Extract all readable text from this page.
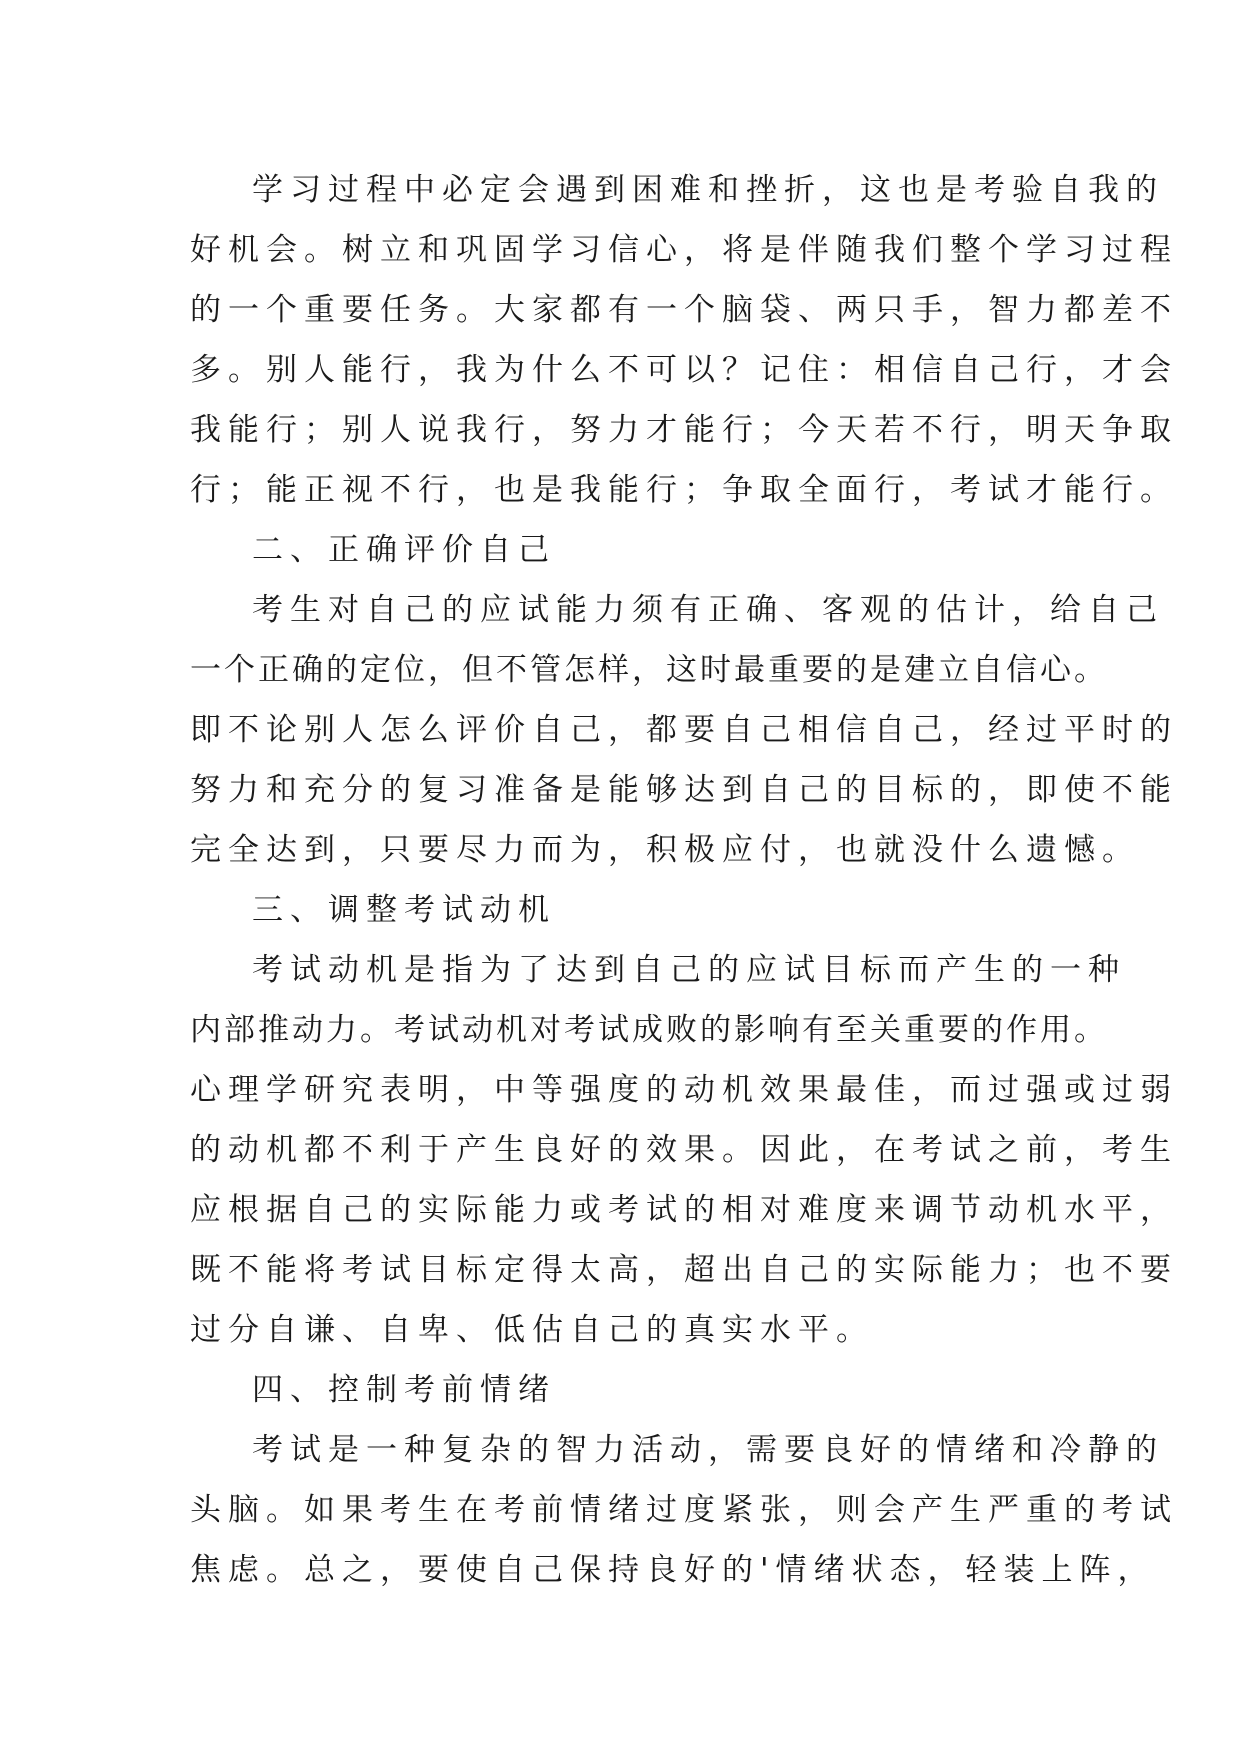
学习过程中必定会遇到困难和挫折，这也是考验自我的
好机会。树立和巩固学习信心，将是伴随我们整个学习过程
的一个重要任务。大家都有一个脑袋、两只手，智力都差不
多。别人能行，我为什么不可以？记住：相信自己行，才会
我能行；别人说我行，努力才能行；今天若不行，明天争取
行；能正视不行，也是我能行；争取全面行，考试才能行。
二、正确评价自己
考生对自己的应试能力须有正确、客观的估计，给自己
一个正确的定位，但不管怎样，这时最重要的是建立自信心。
即不论别人怎么评价自己，都要自己相信自己，经过平时的
努力和充分的复习准备是能够达到自己的目标的，即使不能
完全达到，只要尽力而为，积极应付，也就没什么遗憾。
三、调整考试动机
考试动机是指为了达到自己的应试目标而产生的一种
内部推动力。考试动机对考试成败的影响有至关重要的作用。
心理学研究表明，中等强度的动机效果最佳，而过强或过弱
的动机都不利于产生良好的效果。因此，在考试之前，考生
应根据自己的实际能力或考试的相对难度来调节动机水平，
既不能将考试目标定得太高，超出自己的实际能力；也不要
过分自谦、自卑、低估自己的真实水平。
四、控制考前情绪
考试是一种复杂的智力活动，需要良好的情绪和冷静的
头脑。如果考生在考前情绪过度紧张，则会产生严重的考试
焦虑。总之，要使自己保持良好的'情绪状态，轻装上阵，
